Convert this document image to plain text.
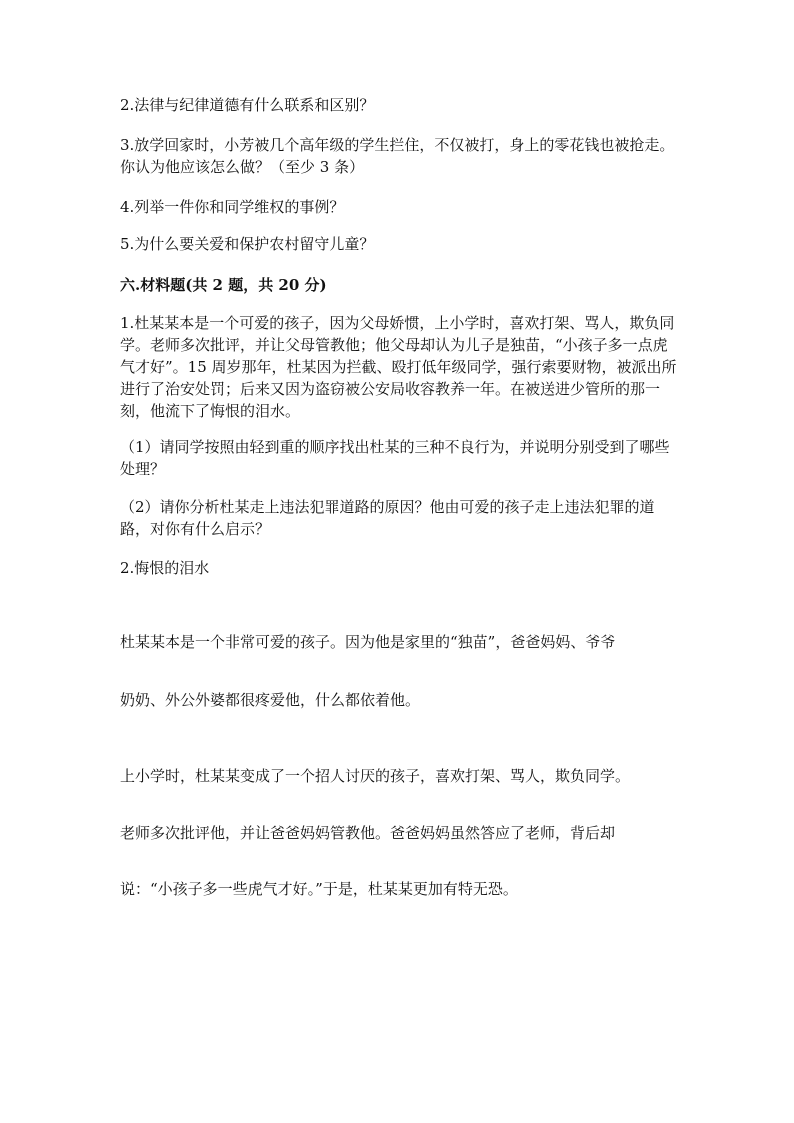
2.法律与纪律道德有什么联系和区别？

3.放学回家时，小芳被几个高年级的学生拦住，不仅被打，身上的零花钱也被抢走。你认为他应该怎么做？（至少 3 条）

4.列举一件你和同学维权的事例？

5.为什么要关爱和保护农村留守儿童？

六.材料题(共 2 题，共 20 分)

1.杜某某本是一个可爱的孩子，因为父母娇惯，上小学时，喜欢打架、骂人，欺负同学。老师多次批评，并让父母管教他；他父母却认为儿子是独苗，“小孩子多一点虎气才好”。15 周岁那年，杜某因为拦截、殴打低年级同学，强行索要财物，被派出所进行了治安处罚；后来又因为盗窃被公安局收容教养一年。在被送进少管所的那一刻，他流下了悔恨的泪水。

（1）请同学按照由轻到重的顺序找出杜某的三种不良行为，并说明分别受到了哪些处理？

（2）请你分析杜某走上违法犯罪道路的原因？他由可爱的孩子走上违法犯罪的道路，对你有什么启示？

2.悔恨的泪水

杜某某本是一个非常可爱的孩子。因为他是家里的“独苗”，爸爸妈妈、爷爷

奶奶、外公外婆都很疼爱他，什么都依着他。

上小学时，杜某某变成了一个招人讨厌的孩子，喜欢打架、骂人，欺负同学。

老师多次批评他，并让爸爸妈妈管教他。爸爸妈妈虽然答应了老师，背后却

说：“小孩子多一些虎气才好。”于是，杜某某更加有特无恐。
